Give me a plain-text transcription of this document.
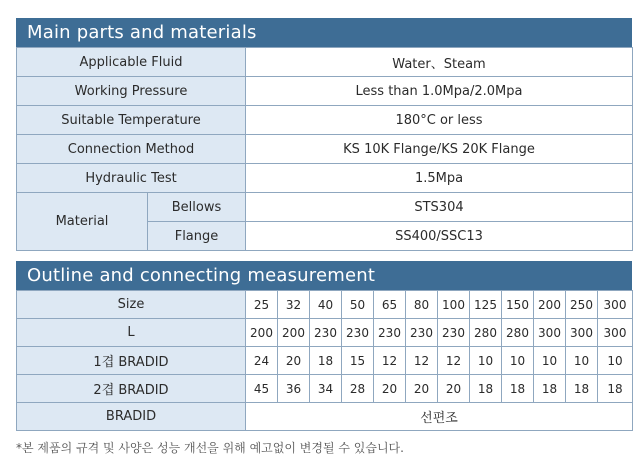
Main parts and materials
Applicable Fluid	Water、Steam
Working Pressure	Less than 1.0Mpa/2.0Mpa
Suitable Temperature	180°C or less
Connection Method	KS 10K Flange/KS 20K Flange
Hydraulic Test	1.5Mpa
Material	Bellows	STS304
	Flange	SS400/SSC13
Outline and connecting measurement
Size	25	32	40	50	65	80	100	125	150	200	250	300
L	200	200	230	230	230	230	230	280	280	300	300	300
1겹 BRADID	24	20	18	15	12	12	12	10	10	10	10	10
2겹 BRADID	45	36	34	28	20	20	20	18	18	18	18	18
BRADID	선편조											
*본 제품의 규격 및 사양은 성능 개선을 위해 예고없이 변경될 수 있습니다.
